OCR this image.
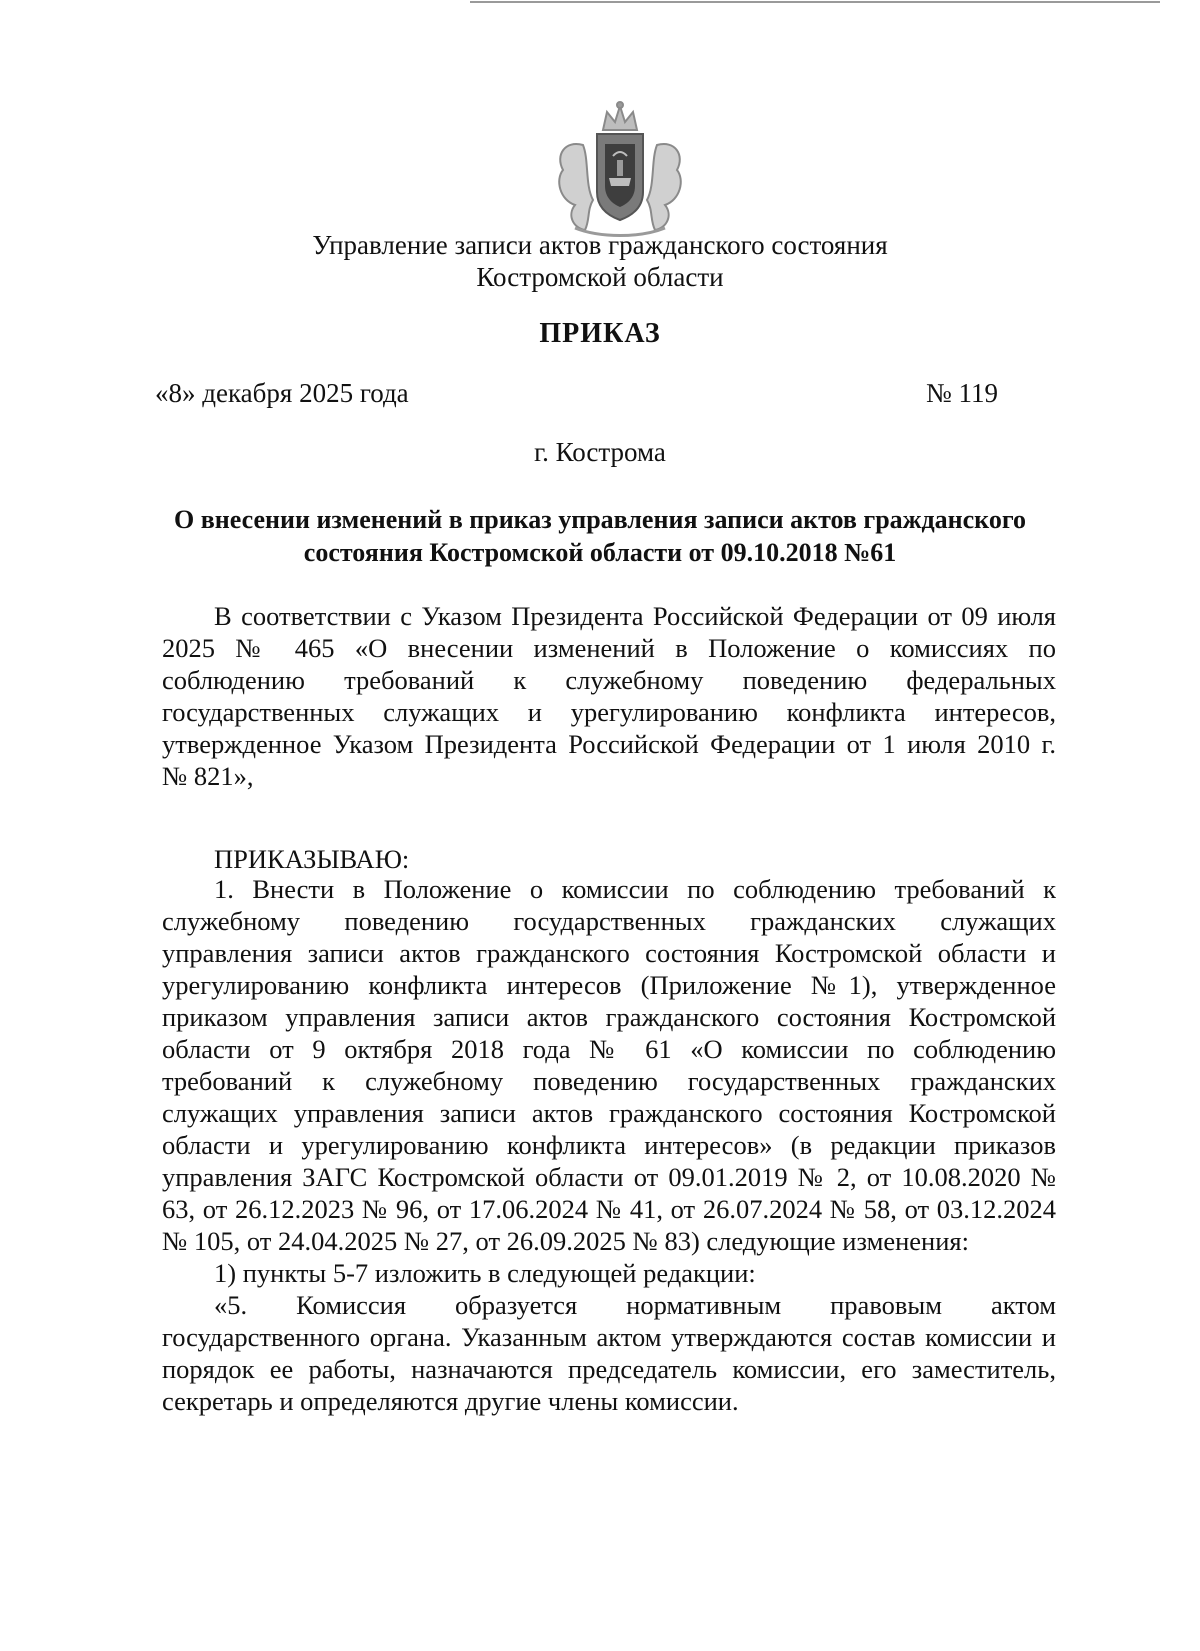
Управление записи актов гражданского состояния
Костромской области
ПРИКАЗ
«8» декабря 2025 года	№ 119
г. Кострома
О внесении изменений в приказ управления записи актов гражданского
состояния Костромской области от 09.10.2018 №61
В соответствии с Указом Президента Российской Федерации от 09 июля
2025 № 465 «О внесении изменений в Положение о комиссиях по
соблюдению требований к служебному поведению федеральных
государственных служащих и урегулированию конфликта интересов,
утвержденное Указом Президента Российской Федерации от 1 июля 2010 г.
№ 821»,
ПРИКАЗЫВАЮ:
1. Внести в Положение о комиссии по соблюдению требований к
служебному поведению государственных гражданских служащих
управления записи актов гражданского состояния Костромской области и
урегулированию конфликта интересов (Приложение №1), утвержденное
приказом управления записи актов гражданского состояния Костромской
области от 9 октября 2018 года № 61 «О комиссии по соблюдению
требований к служебному поведению государственных гражданских
служащих управления записи актов гражданского состояния Костромской
области и урегулированию конфликта интересов» (в редакции приказов
управления ЗАГС Костромской области от 09.01.2019 № 2, от 10.08.2020 №
63, от 26.12.2023 № 96, от 17.06.2024 № 41, от 26.07.2024 № 58, от 03.12.2024
№ 105, от 24.04.2025 № 27, от 26.09.2025 № 83) следующие изменения:
1) пункты 5-7 изложить в следующей редакции:
«5. Комиссия образуется нормативным правовым актом
государственного органа. Указанным актом утверждаются состав комиссии и
порядок ее работы, назначаются председатель комиссии, его заместитель,
секретарь и определяются другие члены комиссии.
